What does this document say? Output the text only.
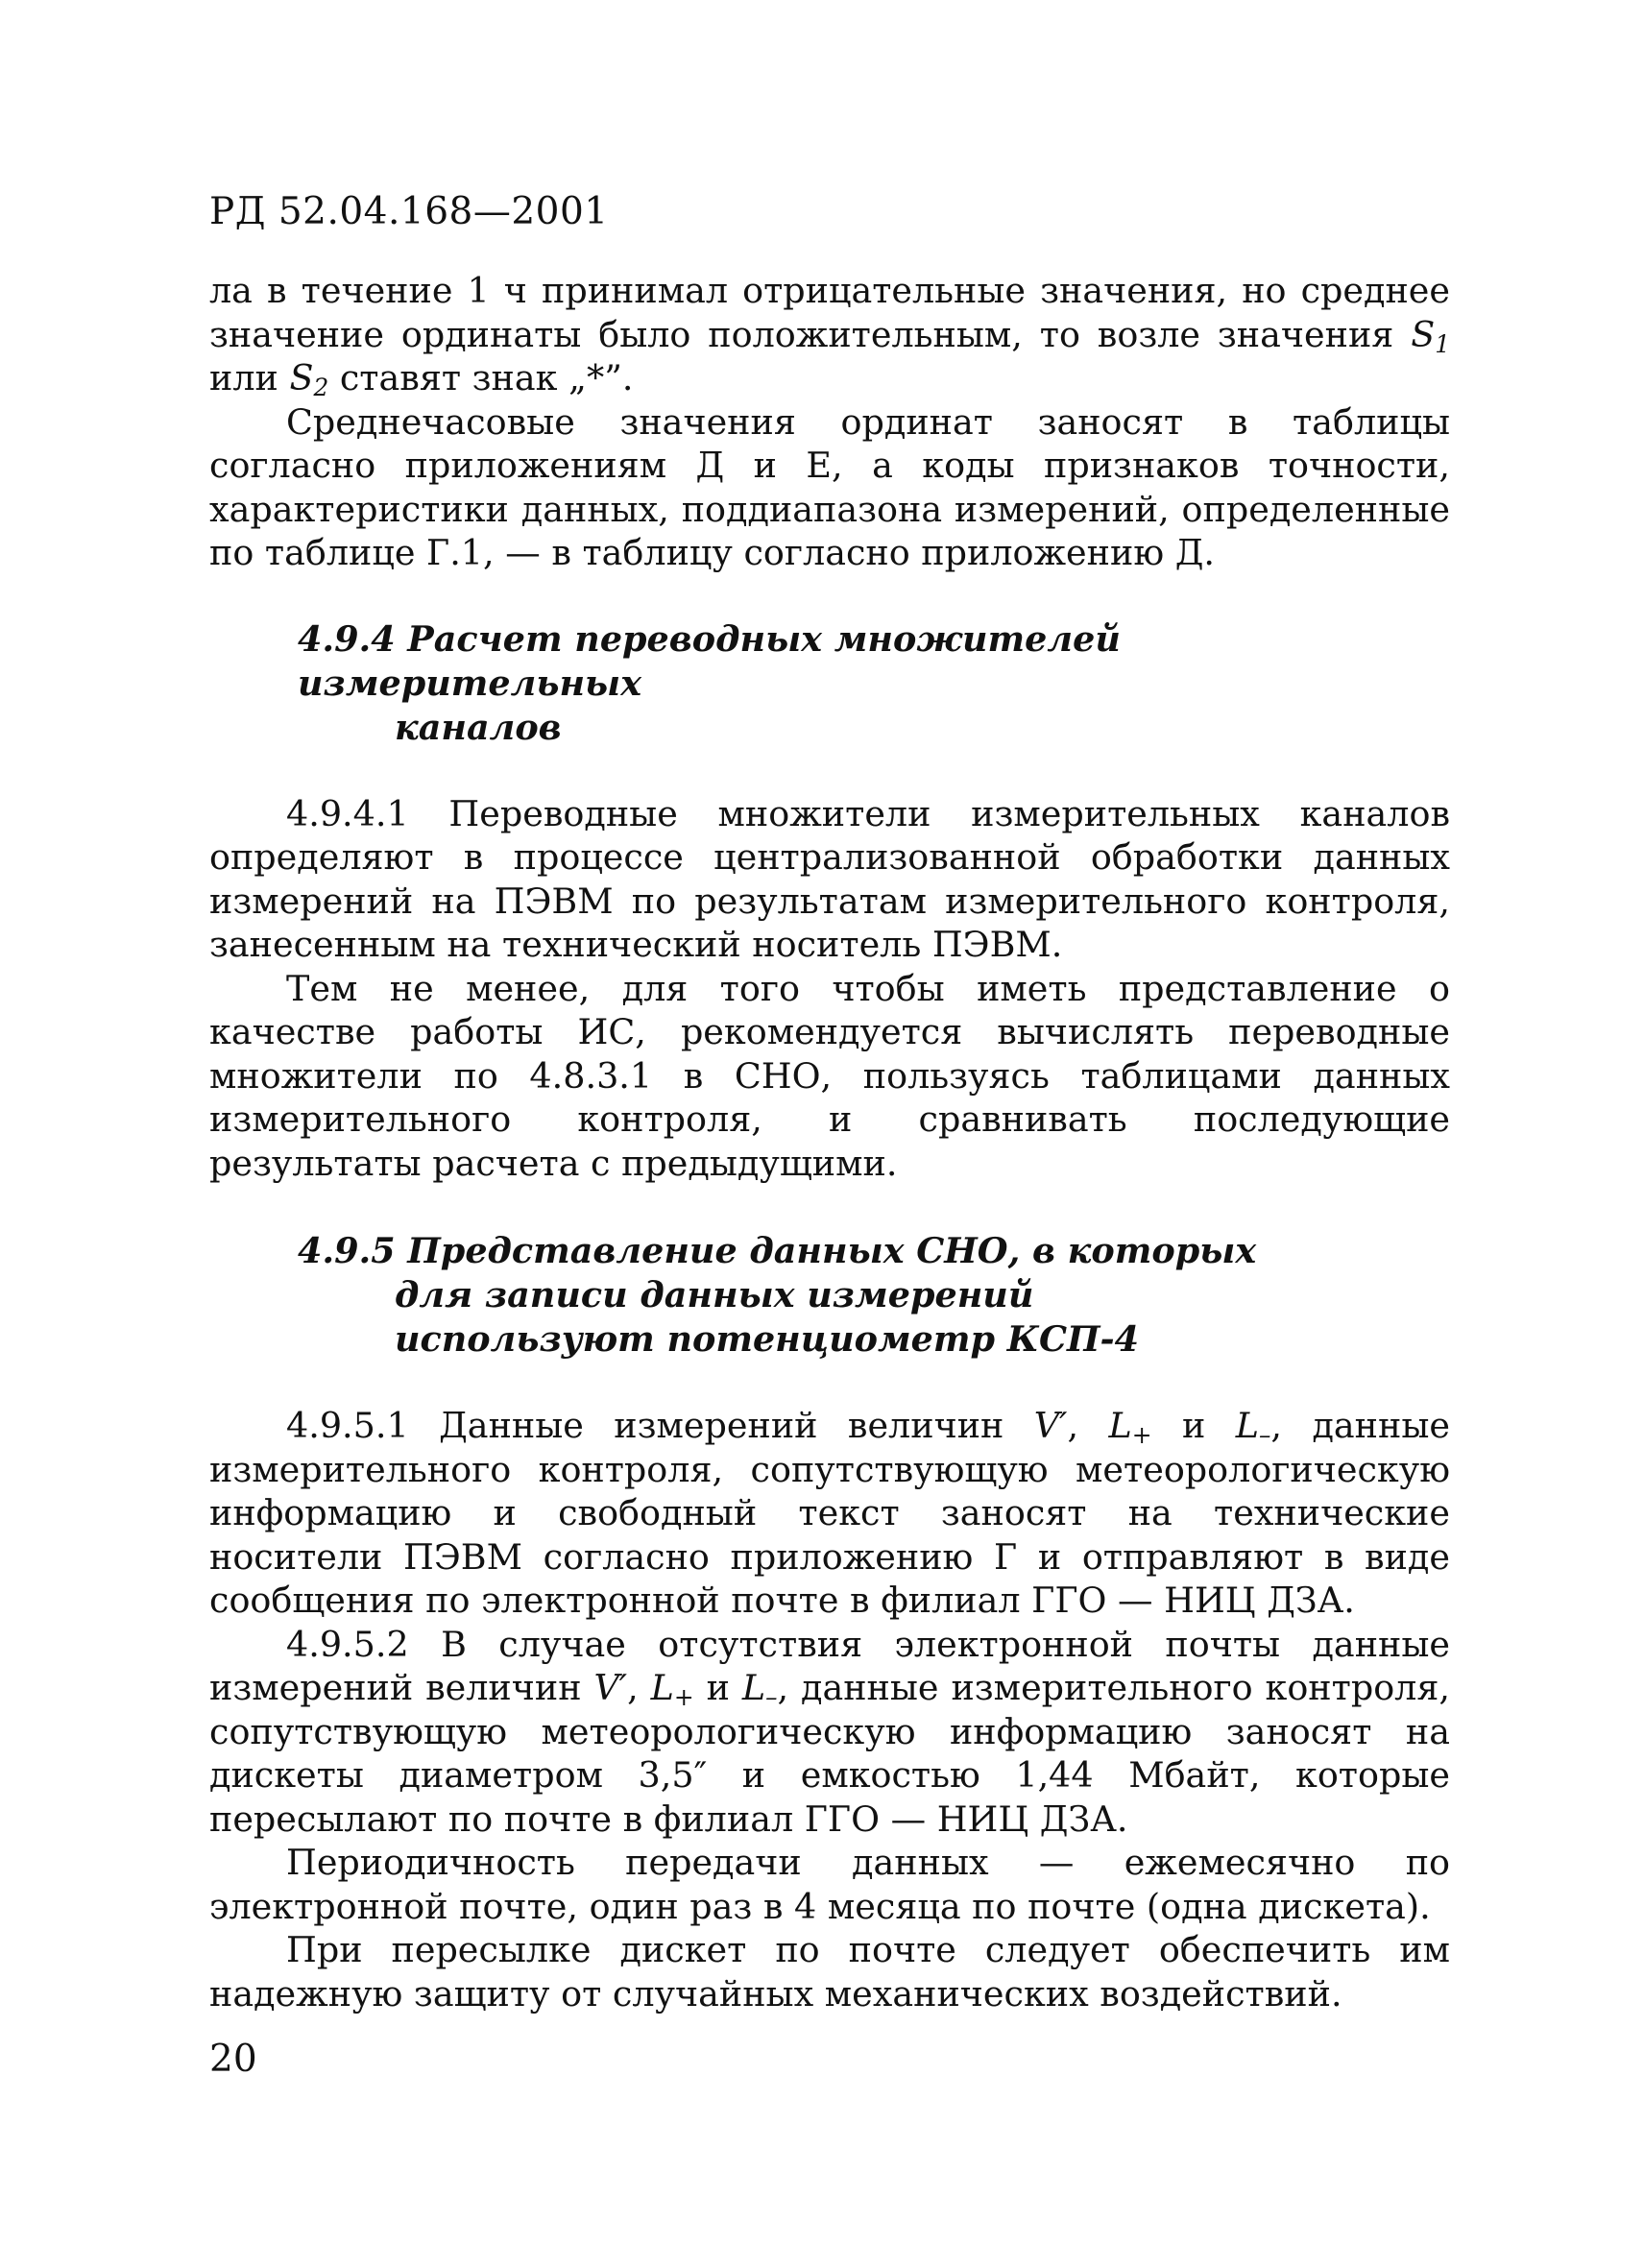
РД 52.04.168—2001

ла в течение 1 ч принимал отрицательные значения, но среднее значение ординаты было положительным, то возле значения $S_1$ или $S_2$ ставят знак „*”.

Среднечасовые значения ординат заносят в таблицы согласно приложениям Д и Е, а коды признаков точности, характеристики данных, поддиапазона измерений, определенные по таблице Г.1, — в таблицу согласно приложению Д.

4.9.4 Расчет переводных множителей измерительных
каналов

4.9.4.1 Переводные множители измерительных каналов определяют в процессе централизованной обработки данных измерений на ПЭВМ по результатам измерительного контроля, занесенным на технический носитель ПЭВМ.

Тем не менее, для того чтобы иметь представление о качестве работы ИС, рекомендуется вычислять переводные множители по 4.8.3.1 в СНО, пользуясь таблицами данных измерительного контроля, и сравнивать последующие результаты расчета с предыдущими.

4.9.5 Представление данных СНО, в которых
для записи данных измерений
используют потенциометр КСП-4

4.9.5.1 Данные измерений величин V′, $L_+$ и $L_-$, данные измерительного контроля, сопутствующую метеорологическую информацию и свободный текст заносят на технические носители ПЭВМ согласно приложению Г и отправляют в виде сообщения по электронной почте в филиал ГГО — НИЦ ДЗА.

4.9.5.2 В случае отсутствия электронной почты данные измерений величин V′, $L_+$ и $L_-$, данные измерительного контроля, сопутствующую метеорологическую информацию заносят на дискеты диаметром 3,5″ и емкостью 1,44 Мбайт, которые пересылают по почте в филиал ГГО — НИЦ ДЗА.

Периодичность передачи данных — ежемесячно по электронной почте, один раз в 4 месяца по почте (одна дискета).

При пересылке дискет по почте следует обеспечить им надежную защиту от случайных механических воздействий.

20
